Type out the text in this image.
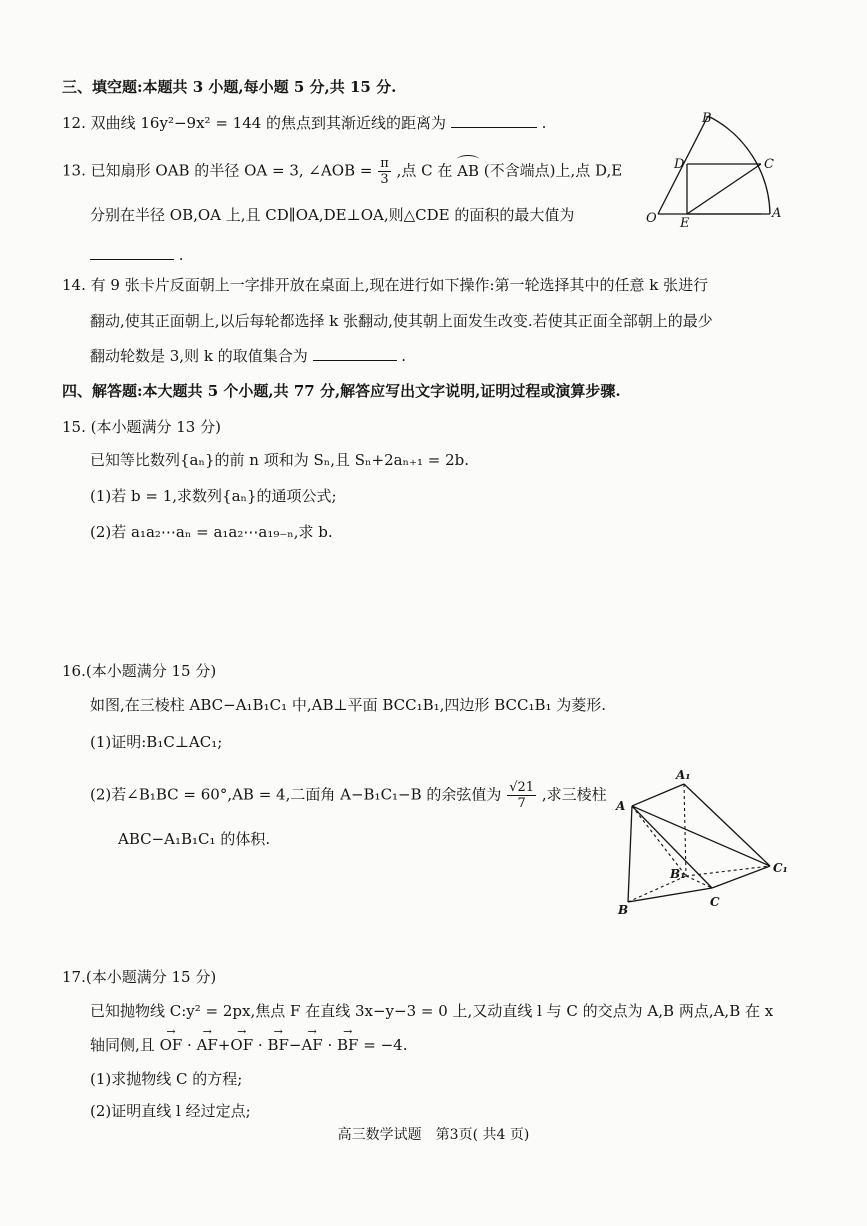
三、填空题:本题共 3 小题,每小题 5 分,共 15 分.
12. 双曲线 16y²−9x² = 144 的焦点到其渐近线的距离为	.
13. 已知扇形 OAB 的半径 OA = 3, ∠AOB = $\frac{\pi}{3}$ ,点 C 在 AB (不含端点)上,点 D,E
分别在半径 OB,OA 上,且 CD∥OA,DE⊥OA,则△CDE 的面积的最大值为
.
B
D	C
O E
A
14. 有 9 张卡片反面朝上一字排开放在桌面上,现在进行如下操作:第一轮选择其中的任意 k 张进行
翻动,使其正面朝上,以后每轮都选择 k 张翻动,使其朝上面发生改变.若使其正面全部朝上的最少
翻动轮数是 3,则 k 的取值集合为	.
四、解答题:本大题共 5 个小题,共 77 分,解答应写出文字说明,证明过程或演算步骤.
15. (本小题满分 13 分)
已知等比数列{aₙ}的前 n 项和为 Sₙ,且 Sₙ+2aₙ₊₁ = 2b.
(1)若 b = 1,求数列{aₙ}的通项公式;
(2)若 a₁a₂⋯aₙ = a₁a₂⋯a₁₉₋ₙ,求 b.
16.(本小题满分 15 分)
如图,在三棱柱 ABC−A₁B₁C₁ 中,AB⊥平面 BCC₁B₁,四边形 BCC₁B₁ 为菱形.
(1)证明:B₁C⊥AC₁;
(2)若∠B₁BC = 60°,AB = 4,二面角 A−B₁C₁−B 的余弦值为 $\frac{√21}{7}$ ,求三棱柱
ABC−A₁B₁C₁ 的体积.
A₁
A
C₁
B₁
B
C
17.(本小题满分 15 分)
已知抛物线 C:y² = 2px,焦点 F 在直线 3x−y−3 = 0 上,又动直线 l 与 C 的交点为 A,B 两点,A,B 在 x
轴同侧,且 → OF · → AF+→ OF · → BF−→ AF · → BF = −4.
(1)求抛物线 C 的方程;
(2)证明直线 l 经过定点;
高三数学试题　第3页( 共4 页)
